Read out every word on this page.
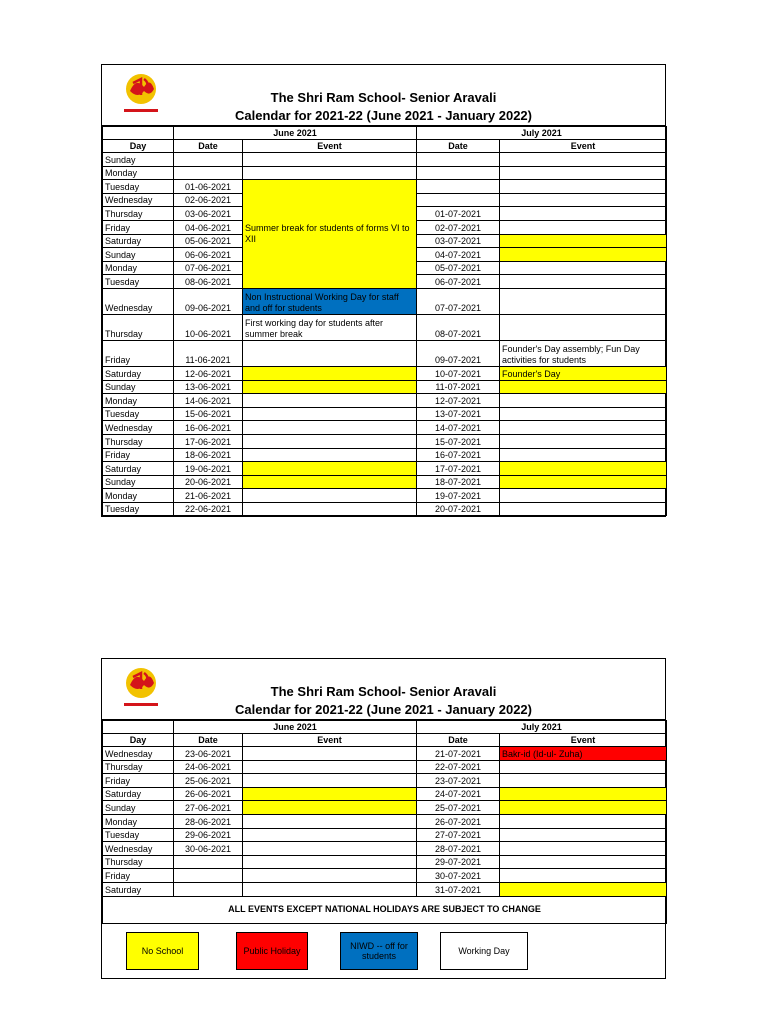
The Shri Ram School- Senior Aravali
Calendar for 2021-22 (June 2021 - January 2022)
	June 2021		July 2021	
Day	Date	Event	Date	Event
Sunday				
Monday				
Tuesday	01-06-2021	Summer break for students of forms VI to XII		
Wednesday	02-06-2021			
Thursday	03-06-2021		01-07-2021	
Friday	04-06-2021		02-07-2021	
Saturday	05-06-2021		03-07-2021	
Sunday	06-06-2021		04-07-2021	
Monday	07-06-2021		05-07-2021	
Tuesday	08-06-2021		06-07-2021	
Wednesday	09-06-2021	Non Instructional Working Day for staff and off for students	07-07-2021	
Thursday	10-06-2021	First working day for students after summer break	08-07-2021	
Friday	11-06-2021		09-07-2021	Founder's Day assembly; Fun Day activities for students
Saturday	12-06-2021		10-07-2021	Founder's Day
Sunday	13-06-2021		11-07-2021	
Monday	14-06-2021		12-07-2021	
Tuesday	15-06-2021		13-07-2021	
Wednesday	16-06-2021		14-07-2021	
Thursday	17-06-2021		15-07-2021	
Friday	18-06-2021		16-07-2021	
Saturday	19-06-2021		17-07-2021	
Sunday	20-06-2021		18-07-2021	
Monday	21-06-2021		19-07-2021	
Tuesday	22-06-2021		20-07-2021	
The Shri Ram School- Senior Aravali
Calendar for 2021-22 (June 2021 - January 2022)
	June 2021		July 2021	
Day	Date	Event	Date	Event
Wednesday	23-06-2021		21-07-2021	Bakr-id (Id-ul- Zuha)
Thursday	24-06-2021		22-07-2021	
Friday	25-06-2021		23-07-2021	
Saturday	26-06-2021		24-07-2021	
Sunday	27-06-2021		25-07-2021	
Monday	28-06-2021		26-07-2021	
Tuesday	29-06-2021		27-07-2021	
Wednesday	30-06-2021		28-07-2021	
Thursday			29-07-2021	
Friday			30-07-2021	
Saturday			31-07-2021	
ALL EVENTS EXCEPT NATIONAL HOLIDAYS ARE SUBJECT TO CHANGE				
No School	Public Holiday	NIWD -- off for students	Working Day
